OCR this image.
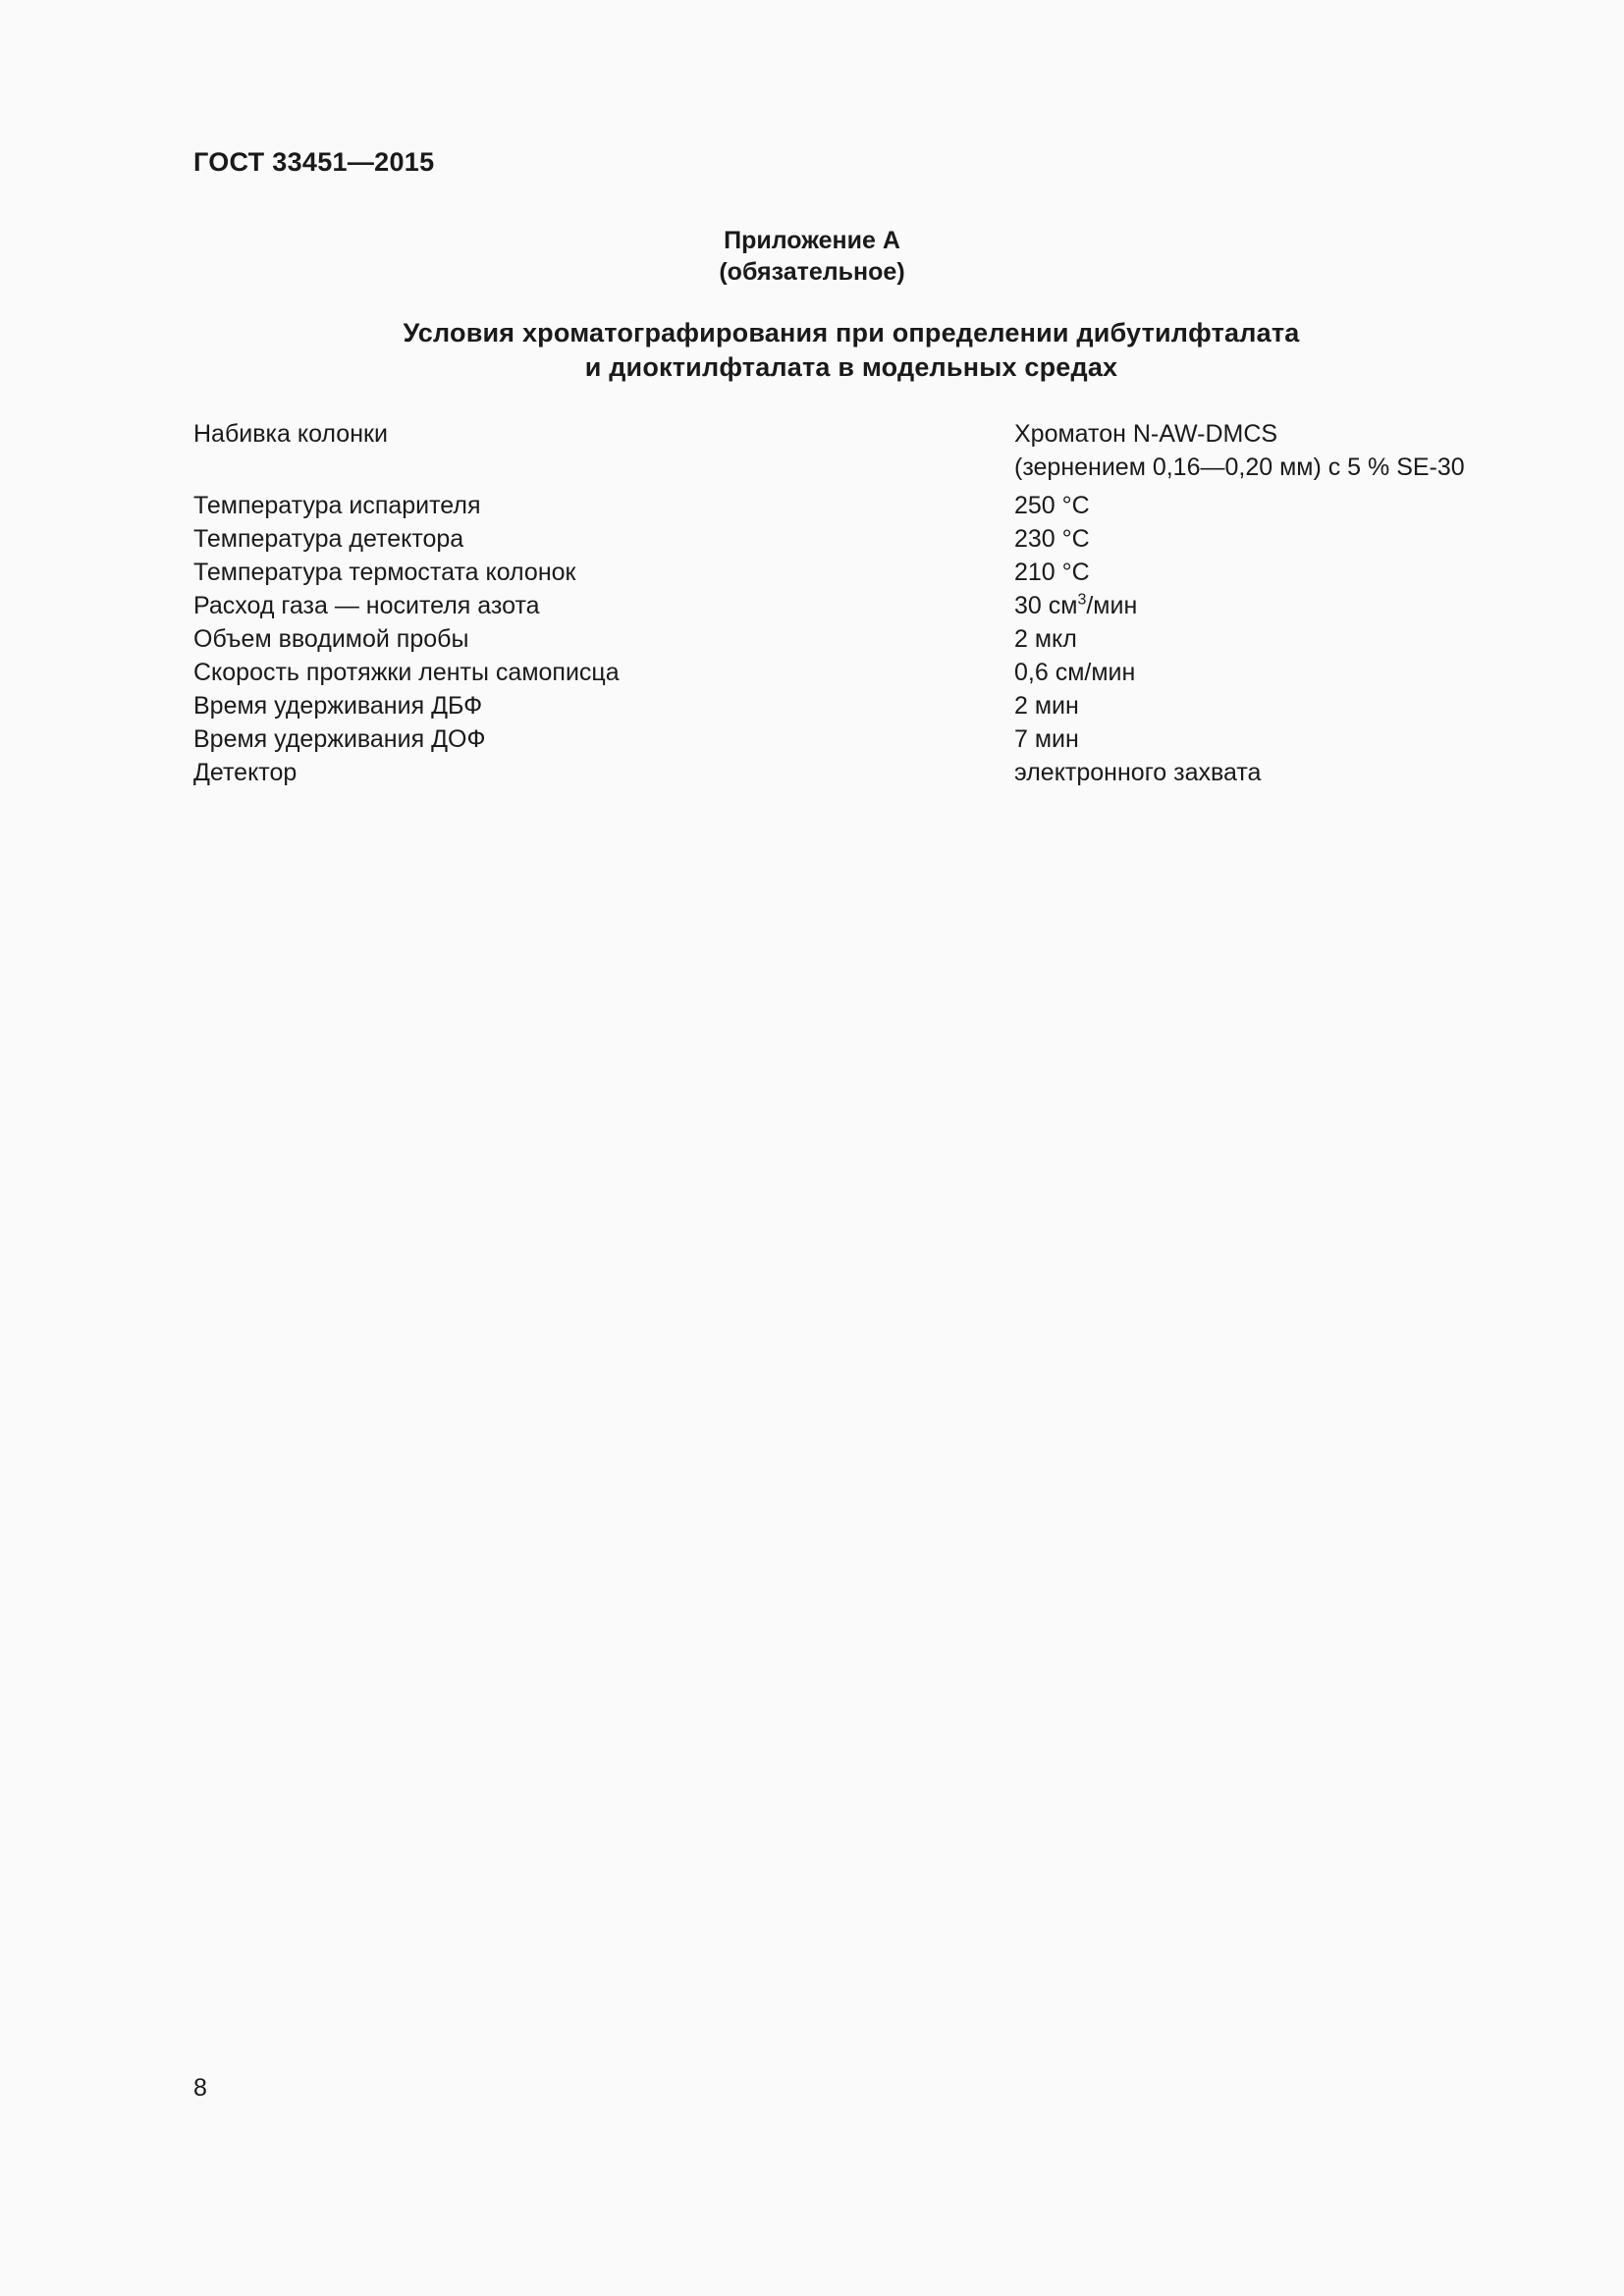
ГОСТ 33451—2015
Приложение А
(обязательное)
Условия хроматографирования при определении дибутилфталата
и диоктилфталата в модельных средах
Набивка колонки	Хроматон N-AW-DMCS
(зернением 0,16—0,20 мм) с 5 % SE-30
Температура испарителя	250 °С
Температура детектора	230 °С
Температура термостата колонок	210 °С
Расход газа — носителя азота	30 $см^3$/мин
Объем вводимой пробы	2 мкл
Скорость протяжки ленты самописца	0,6 см/мин
Время удерживания ДБФ	2 мин
Время удерживания ДОФ	7 мин
Детектор	электронного захвата
8
